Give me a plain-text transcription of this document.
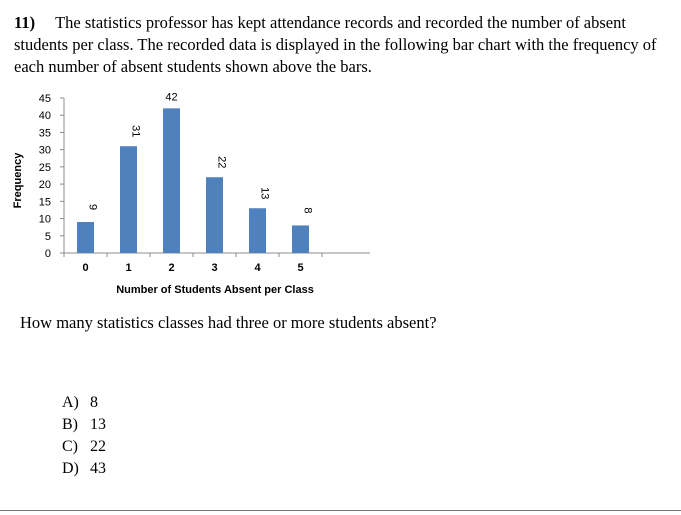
11) The statistics professor has kept attendance records and recorded the number of absent students per class. The recorded data is displayed in the following bar chart with the frequency of each number of absent students shown above the bars.
0
5
10
15
20
25
30
35
40
45
Frequency	9
0
31
1
42
2
22
3
13
4
8
5
Number of Students Absent per Class
How many statistics classes had three or more students absent?
A) 8
B) 13
C) 22
D) 43
